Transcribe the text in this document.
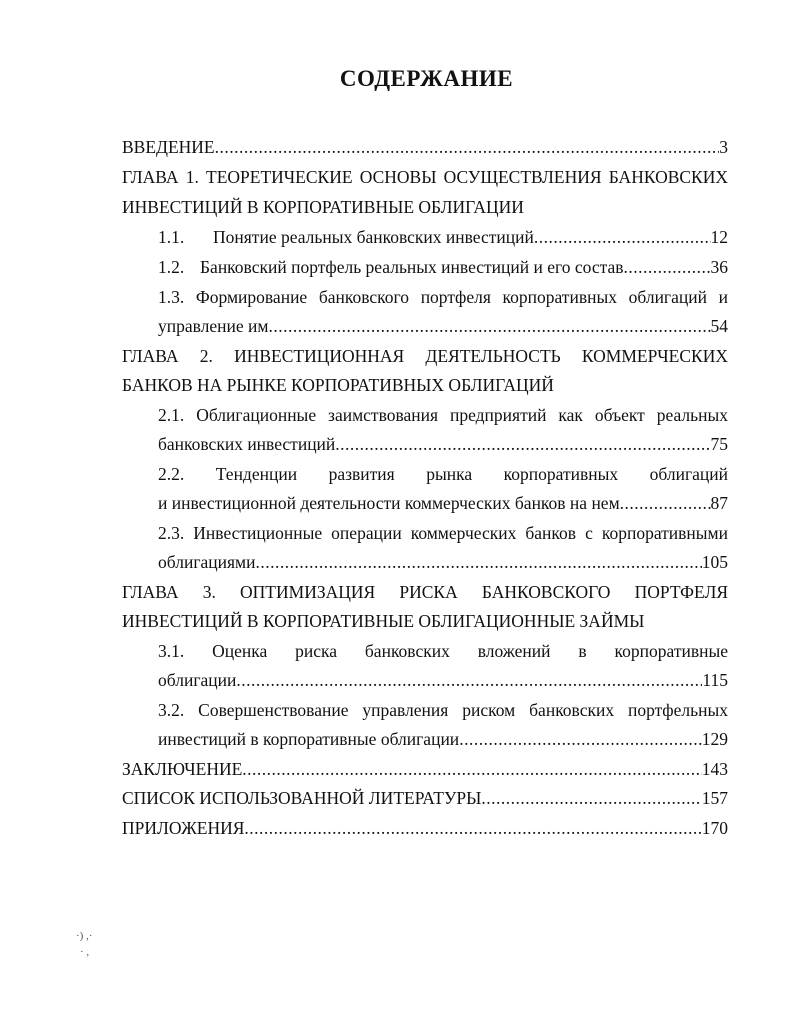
СОДЕРЖАНИЕ
ВВЕДЕНИЕ .....	3
ГЛАВА 1. ТЕОРЕТИЧЕСКИЕ ОСНОВЫ ОСУЩЕСТВЛЕНИЯ БАНКОВСКИХ
ИНВЕСТИЦИЙ В КОРПОРАТИВНЫЕ ОБЛИГАЦИИ
1.1. Понятие реальных банковских инвестиций .....	12
1.2. Банковский портфель реальных инвестиций и его состав .....	36
1.3. Формирование банковского портфеля корпоративных облигаций и
управление им .....	54
ГЛАВА 2. ИНВЕСТИЦИОННАЯ ДЕЯТЕЛЬНОСТЬ КОММЕРЧЕСКИХ
БАНКОВ НА РЫНКЕ КОРПОРАТИВНЫХ ОБЛИГАЦИЙ
2.1. Облигационные заимствования предприятий как объект реальных
банковских инвестиций .....	75
2.2. Тенденции развития рынка корпоративных облигаций
и инвестиционной деятельности коммерческих банков на нем .....	87
2.3. Инвестиционные операции коммерческих банков с корпоративными
облигациями .....	105
ГЛАВА 3. ОПТИМИЗАЦИЯ РИСКА БАНКОВСКОГО ПОРТФЕЛЯ
ИНВЕСТИЦИЙ В КОРПОРАТИВНЫЕ ОБЛИГАЦИОННЫЕ ЗАЙМЫ
3.1. Оценка риска банковских вложений в корпоративные
облигации .....	115
3.2. Совершенствование управления риском банковских портфельных
инвестиций в корпоративные облигации .....	129
ЗАКЛЮЧЕНИЕ .....	143
СПИСОК ИСПОЛЬЗОВАННОЙ ЛИТЕРАТУРЫ .....	157
ПРИЛОЖЕНИЯ .....	170
·) ,·
· ,
